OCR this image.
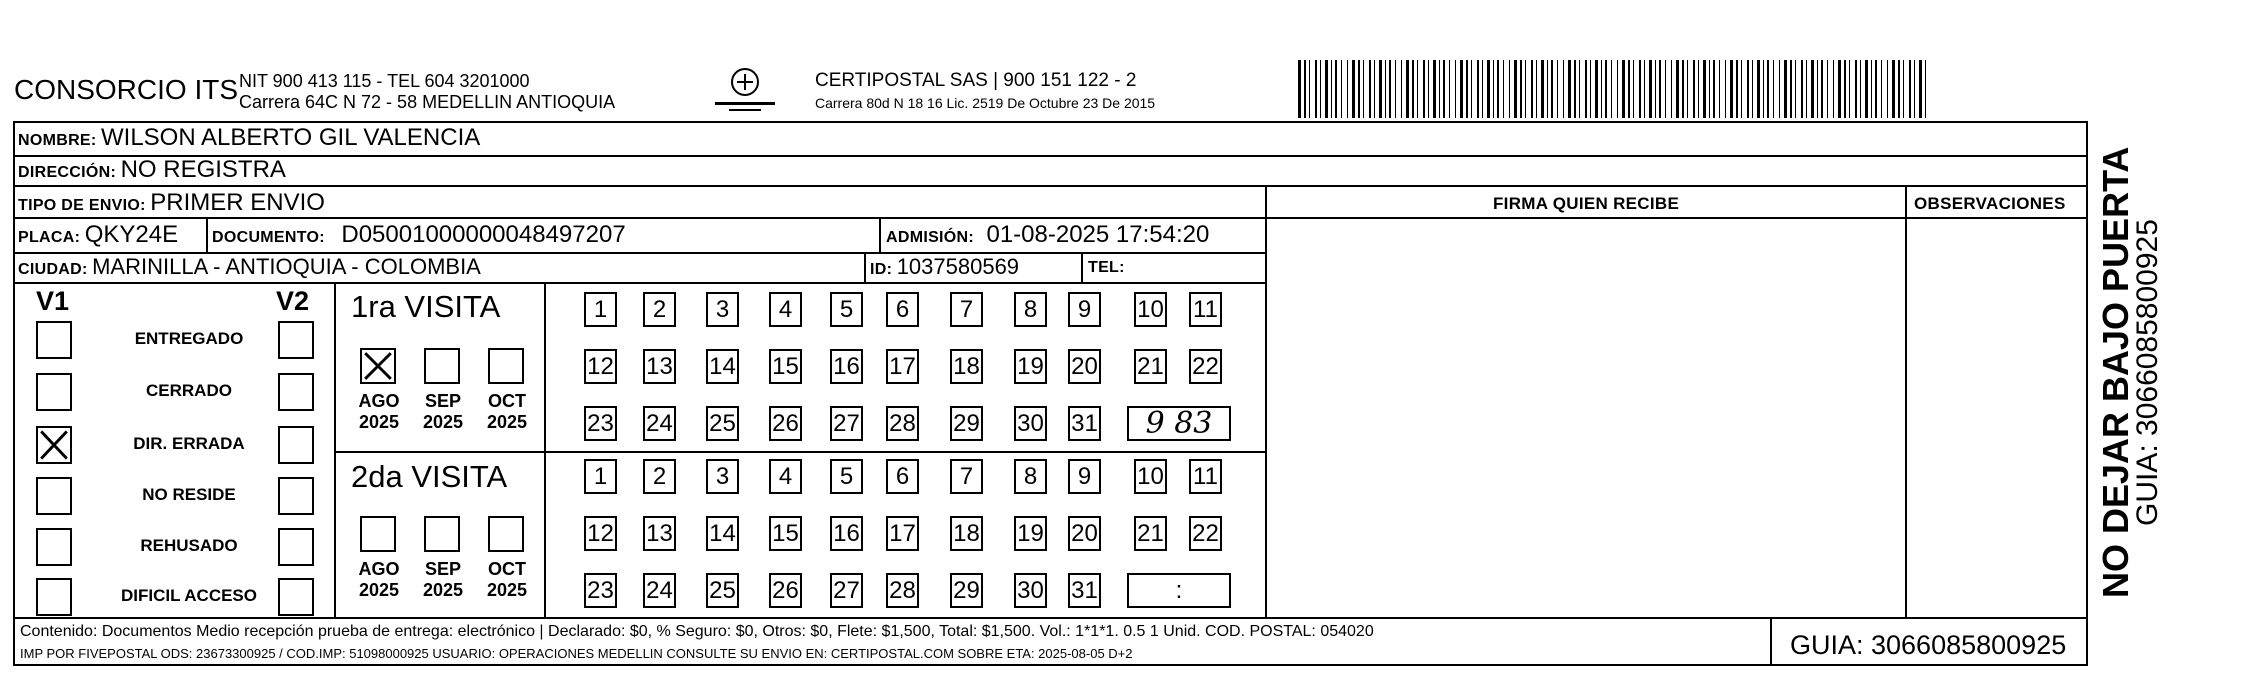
CONSORCIO ITS NIT 900 413 115 - TEL 604 3201000
Carrera 64C N 72 - 58 MEDELLIN ANTIOQUIA
CERTIPOSTAL SAS | 900 151 122 - 2
Carrera 80d N 18 16 Lic. 2519 De Octubre 23 De 2015
NOMBRE: WILSON ALBERTO GIL VALENCIA
DIRECCIÓN: NO REGISTRA
TIPO DE ENVIO: PRIMER ENVIO
PLACA: QKY24E DOCUMENTO: D05001000000048497207	ADMISIÓN: 01-08-2025 17:54:20
CIUDAD: MARINILLA - ANTIOQUIA - COLOMBIA	ID: 1037580569	TEL:
FIRMA QUIEN RECIBE	OBSERVACIONES
V1	V2
ENTREGADO
CERRADO
DIR. ERRADA
NO RESIDE
REHUSADO
DIFICIL ACCESO
1ra VISITA
2da VISITA
AGO
2025
SEP
2025
OCT
2025
AGO
2025
SEP
2025
OCT
2025
1	2	3	4	5	6	7	8	9	10 11
12 13 14 15 16 17 18 19 20 21 22
23 24 25 26 27 28 29 30 31 9 83
1	2	3	4	5	6	7	8	9	10 11
12 13 14 15 16 17 18 19 20 21 22
23 24 25 26 27 28 29 30 31	:
Contenido: Documentos Medio recepción prueba de entrega: electrónico | Declarado: $0, % Seguro: $0, Otros: $0, Flete: $1,500, Total: $1,500. Vol.: 1*1*1. 0.5 1 Unid. COD. POSTAL: 054020
IMP POR FIVEPOSTAL ODS: 23673300925 / COD.IMP: 51098000925 USUARIO: OPERACIONES MEDELLIN CONSULTE SU ENVIO EN: CERTIPOSTAL.COM SOBRE ETA: 2025-08-05 D+2	GUIA: 3066085800925
NO DEJAR BAJO PUERTA
GUIA: 3066085800925
